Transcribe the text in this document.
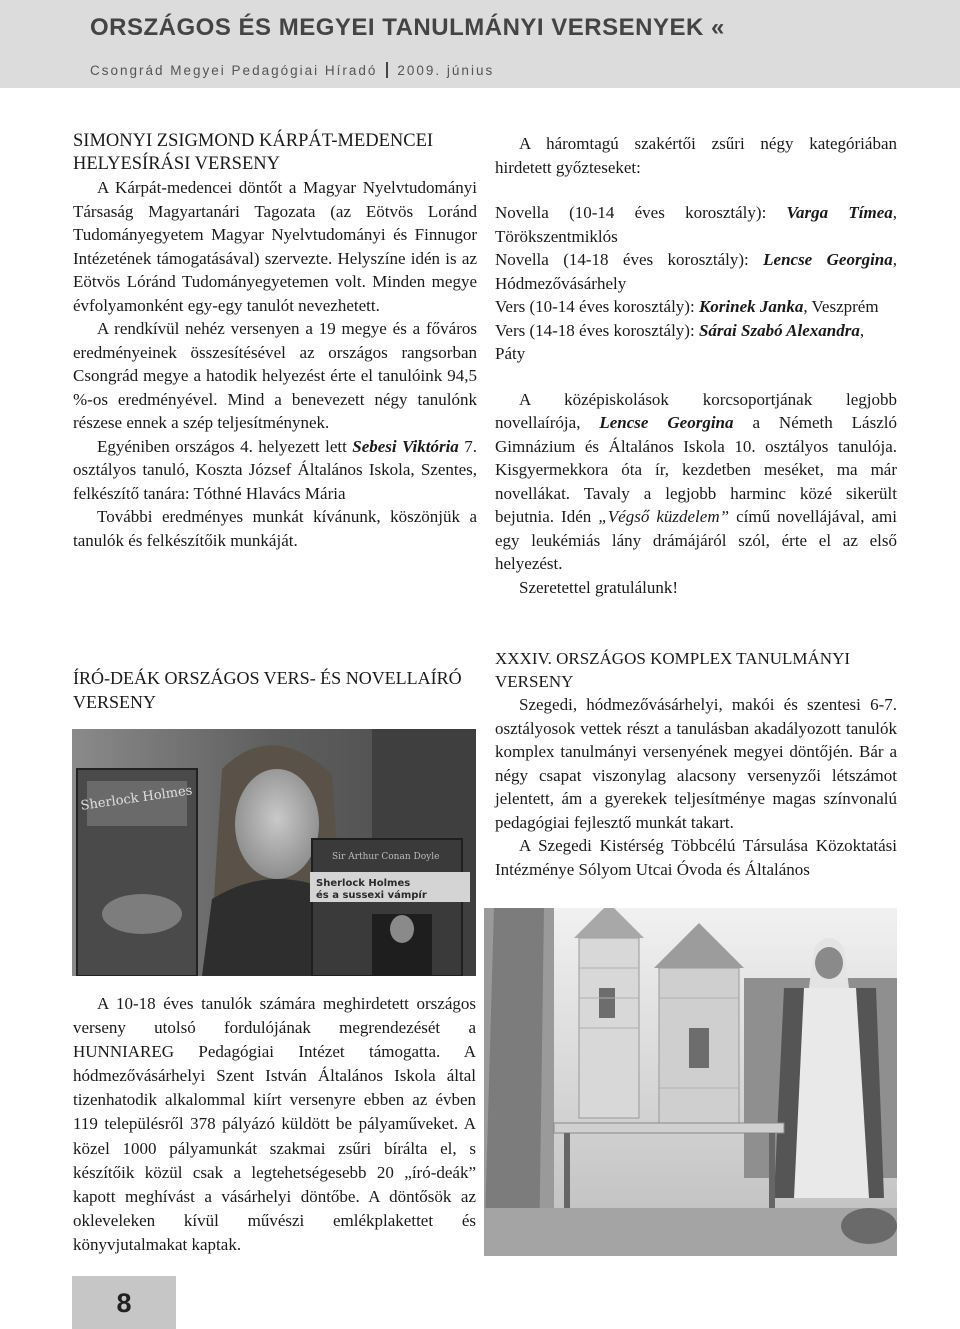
ORSZÁGOS ÉS MEGYEI TANULMÁNYI VERSENYEK «
Csongrád Megyei Pedagógiai Híradó 2009. június

SIMONYI ZSIGMOND KÁRPÁT-MEDENCEI

HELYESÍRÁSI VERSENY

A Kárpát-medencei döntőt a Magyar Nyelvtudományi Társaság Magyartanári Tagozata (az Eötvös Loránd Tudományegyetem Magyar Nyelvtudományi és Finnugor Intézetének támogatásával) szervezte. Helyszíne idén is az Eötvös Lóránd Tudományegyetemen volt. Minden megye évfolyamonként egy-egy tanulót nevezhetett.

A rendkívül nehéz versenyen a 19 megye és a főváros eredményeinek összesítésével az országos rangsorban Csongrád megye a hatodik helyezést érte el tanulóink 94,5 %-os eredményével. Mind a benevezett négy tanulónk részese ennek a szép teljesítménynek.

Egyéniben országos 4. helyezett lett Sebesi Viktória 7. osztályos tanuló, Koszta József Általános Iskola, Szentes, felkészítő tanára: Tóthné Hlavács Mária

További eredményes munkát kívánunk, köszönjük a tanulók és felkészítőik munkáját.

ÍRÓ-DEÁK ORSZÁGOS VERS- ÉS NOVELLAÍRÓ VERSENY

Sherlock Holmes
Sir Arthur Conan Doyle
Sherlock Holmes
és a sussexi vámpír

A 10-18 éves tanulók számára meghirdetett országos verseny utolsó fordulójának megrendezését a HUNNIAREG Pedagógiai Intézet támogatta. A hódmezővásárhelyi Szent István Általános Iskola által tizenhatodik alkalommal kiírt versenyre ebben az évben 119 településről 378 pályázó küldött be pályaműveket. A közel 1000 pályamunkát szakmai zsűri bírálta el, s készítőik közül csak a legtehetségesebb 20 „író-deák” kapott meghívást a vásárhelyi döntőbe. A döntősök az okleveleken kívül művészi emlékplakettet és könyvjutalmakat kaptak.

A háromtagú szakértői zsűri négy kategóriában hirdetett győzteseket:

Novella (10-14 éves korosztály): Varga Tímea, Törökszentmiklós

Novella (14-18 éves korosztály): Lencse Georgina, Hódmezővásárhely

Vers (10-14 éves korosztály): Korinek Janka, Veszprém

Vers (14-18 éves korosztály): Sárai Szabó Alexandra, Páty

A középiskolások korcsoportjának legjobb novellaírója, Lencse Georgina a Németh László Gimnázium és Általános Iskola 10. osztályos tanulója. Kisgyermekkora óta ír, kezdetben meséket, ma már novellákat. Tavaly a legjobb harminc közé sikerült bejutnia. Idén „Végső küzdelem” című novellájával, ami egy leukémiás lány drámájáról szól, érte el az első helyezést.

Szeretettel gratulálunk!

XXXIV. ORSZÁGOS KOMPLEX TANULMÁNYI VERSENY

Szegedi, hódmezővásárhelyi, makói és szentesi 6-7. osztályosok vettek részt a tanulásban akadályozott tanulók komplex tanulmányi versenyének megyei döntőjén. Bár a négy csapat viszonylag alacsony versenyzői létszámot jelentett, ám a gyerekek teljesítménye magas színvonalú pedagógiai fejlesztő munkát takart.

A Szegedi Kistérség Többcélú Társulása Közoktatási Intézménye Sólyom Utcai Óvoda és Általános

8
